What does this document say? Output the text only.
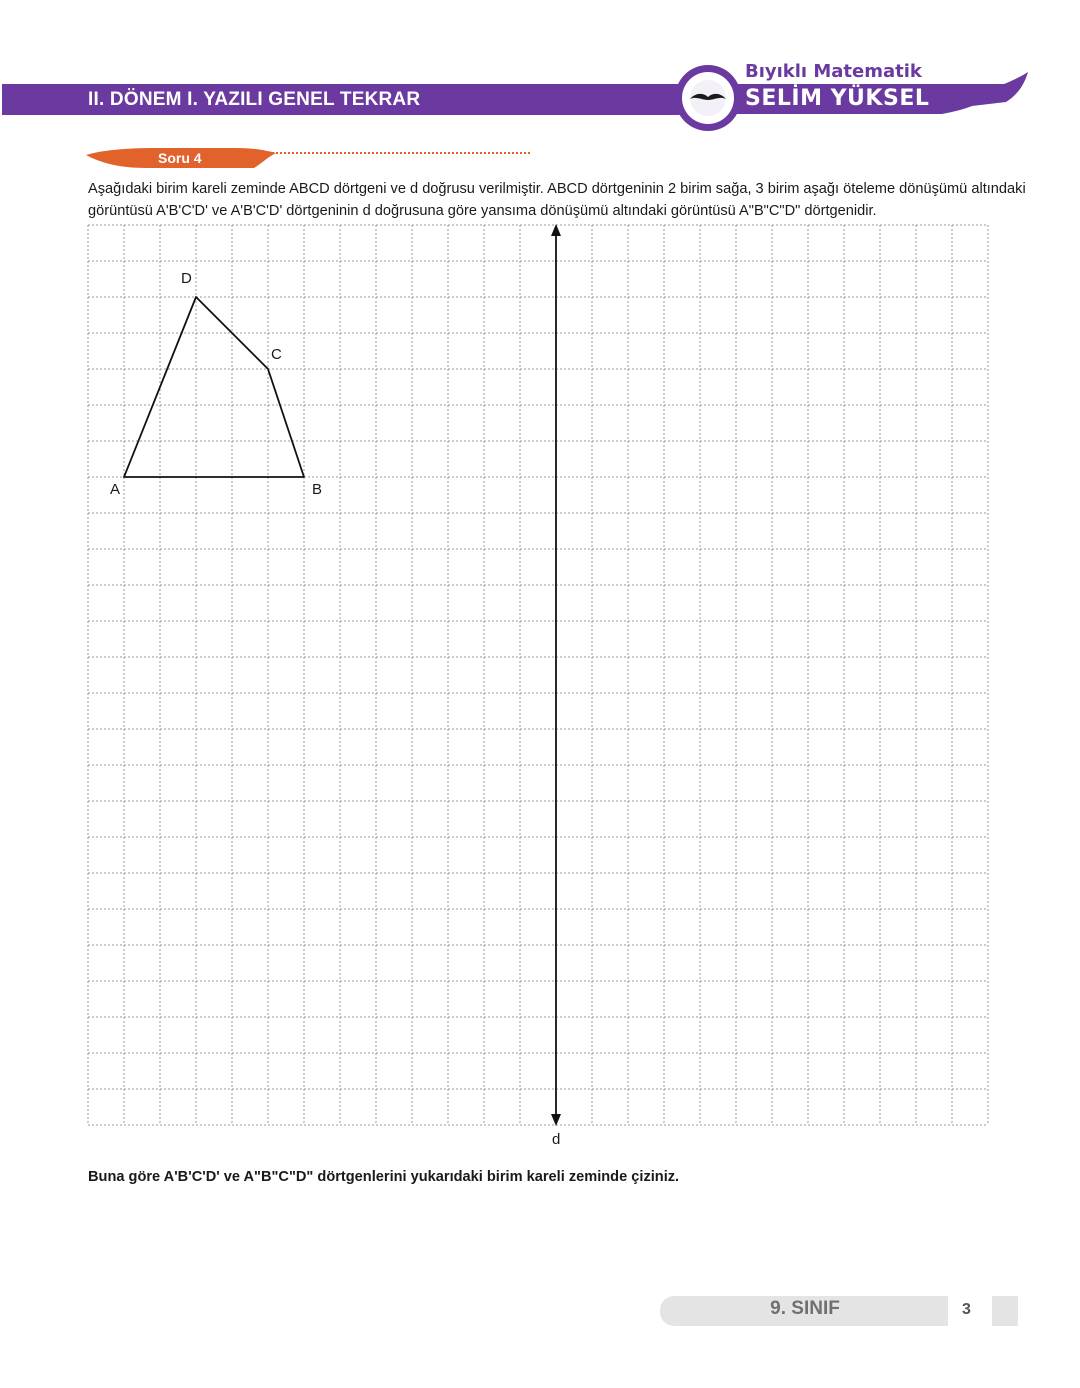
II. DÖNEM I. YAZILI GENEL TEKRAR
Bıyıklı Matematik
SELİM YÜKSEL
Soru 4
Aşağıdaki birim kareli zeminde ABCD dörtgeni ve d doğrusu verilmiştir. ABCD dörtgeninin 2 birim sağa, 3 birim aşağı öteleme dönüşümü altındaki görüntüsü A'B'C'D' ve A'B'C'D' dörtgeninin d doğrusuna göre yansıma dönüşümü altındaki görüntüsü A"B"C"D" dörtgenidir.
A	B
C
D
d
Buna göre A'B'C'D' ve A"B"C"D" dörtgenlerini yukarıdaki birim kareli zeminde çiziniz.
9. SINIF	3
